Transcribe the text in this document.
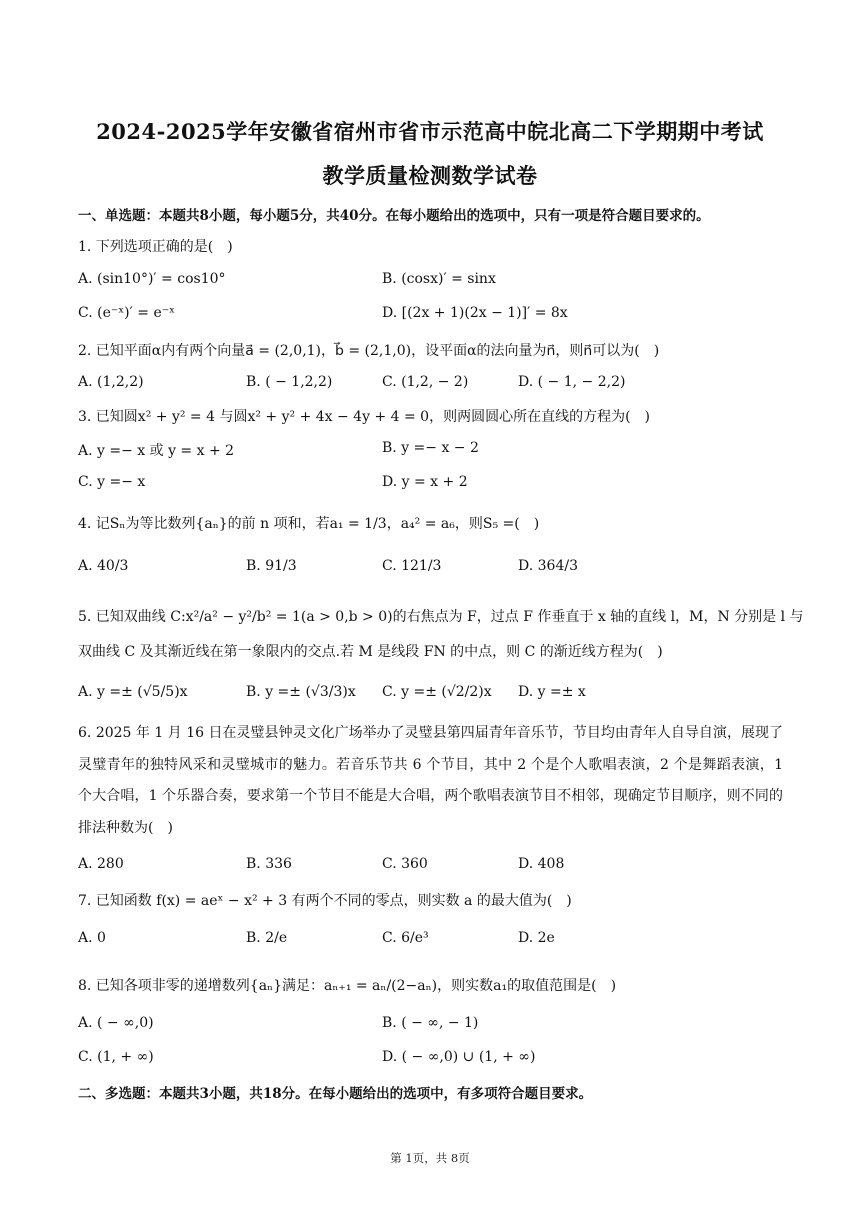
2024-2025学年安徽省宿州市省市示范高中皖北高二下学期期中考试
教学质量检测数学试卷
一、单选题：本题共8小题，每小题5分，共40分。在每小题给出的选项中，只有一项是符合题目要求的。
1. 下列选项正确的是(　)
A. (sin10°)′ = cos10°	B. (cosx)′ = sinx
C. (e⁻ˣ)′ = e⁻ˣ	D. [(2x + 1)(2x − 1)]′ = 8x
2. 已知平面α内有两个向量a⃗ = (2,0,1)，b⃗ = (2,1,0)，设平面α的法向量为n⃗，则n⃗可以为(　)
A. (1,2,2)	B. ( − 1,2,2)	C. (1,2, − 2)	D. ( − 1, − 2,2)
3. 已知圆x² + y² = 4 与圆x² + y² + 4x − 4y + 4 = 0，则两圆圆心所在直线的方程为(　)
A. y =− x 或 y = x + 2	B. y =− x − 2
C. y =− x	D. y = x + 2
4. 记Sₙ为等比数列{aₙ}的前 n 项和，若a₁ = 1/3，a₄² = a₆，则S₅ =(　)
A. 40/3	B. 91/3	C. 121/3	D. 364/3
5. 已知双曲线 C:x²/a² − y²/b² = 1(a > 0,b > 0)的右焦点为 F，过点 F 作垂直于 x 轴的直线 l，M，N 分别是 l 与
双曲线 C 及其渐近线在第一象限内的交点.若 M 是线段 FN 的中点，则 C 的渐近线方程为(　)
A. y =± (√5/5)x	B. y =± (√3/3)x C. y =± (√2/2)x D. y =± x
6. 2025 年 1 月 16 日在灵璧县钟灵文化广场举办了灵璧县第四届青年音乐节，节目均由青年人自导自演，展现了灵璧青年的独特风采和灵璧城市的魅力。若音乐节共 6 个节目，其中 2 个是个人歌唱表演，2 个是舞蹈表演，1 个大合唱，1 个乐器合奏，要求第一个节目不能是大合唱，两个歌唱表演节目不相邻，现确定节目顺序，则不同的排法种数为(　)
A. 280	B. 336	C. 360	D. 408
7. 已知函数 f(x) = aeˣ − x² + 3 有两个不同的零点，则实数 a 的最大值为(　)
A. 0	B. 2/e	C. 6/e³	D. 2e
8. 已知各项非零的递增数列{aₙ}满足：aₙ₊₁ = aₙ/(2−aₙ)，则实数a₁的取值范围是(　)
A. ( − ∞,0)	B. ( − ∞, − 1)
C. (1, + ∞)	D. ( − ∞,0) ∪ (1, + ∞)
二、多选题：本题共3小题，共18分。在每小题给出的选项中，有多项符合题目要求。
第 1页，共 8页
